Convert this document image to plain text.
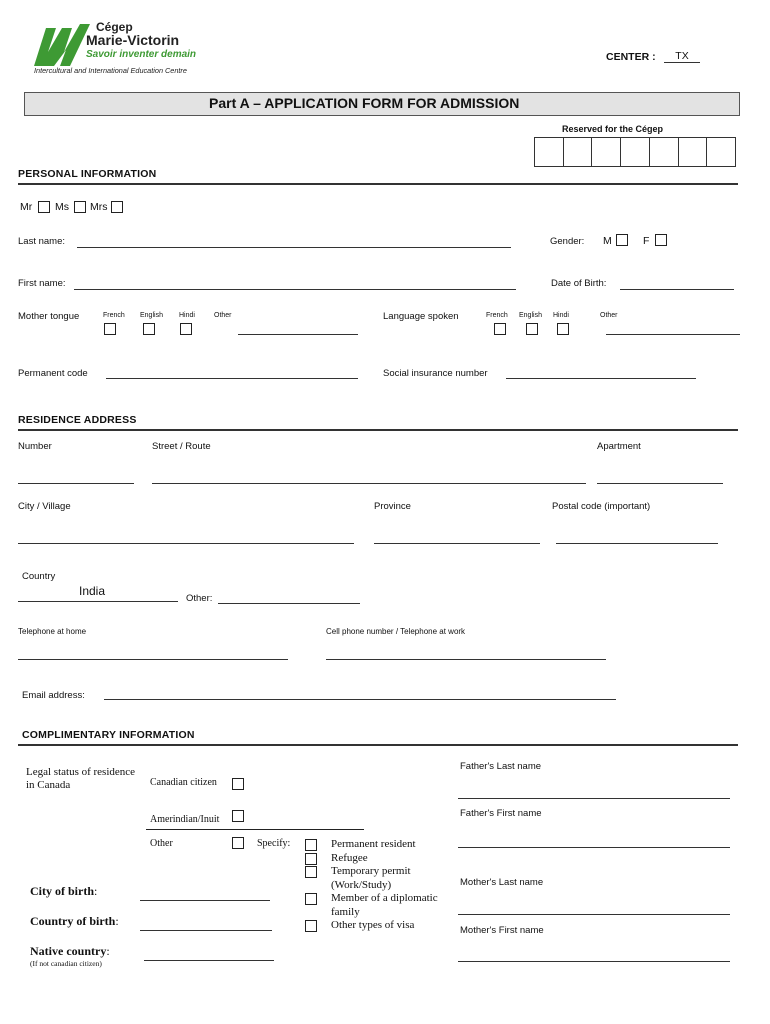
Cégep
Marie-Victorin
Savoir inventer demain
Intercultural and International Education Centre
CENTER :	TX
Part A – APPLICATION FORM FOR ADMISSION
Reserved for the Cégep
PERSONAL INFORMATION
Mr Ms Mrs
Last name:	Gender: M	F
First name:	Date of Birth:
Mother tongue	French English Hindi	Other	Language spoken	French English Hindi	Other
Permanent code	Social insurance number
RESIDENCE ADDRESS
Number	Street / Route	Apartment
City / Village	Province	Postal code (important)
Country
India
Other:
Telephone at home	Cell phone number / Telephone at work
Email address:
COMPLIMENTARY INFORMATION
Legal status of residence
in Canada	Canadian citizen
Amerindian/Inuit
Other	Specify:	Permanent resident
Refugee
Temporary permit
(Work/Study)
Member of a diplomatic
family
Other types of visa
City of birth:
Country of birth:
Native country:
(If not canadian citizen)
Father's Last name
Father's First name
Mother's Last name
Mother's First name
